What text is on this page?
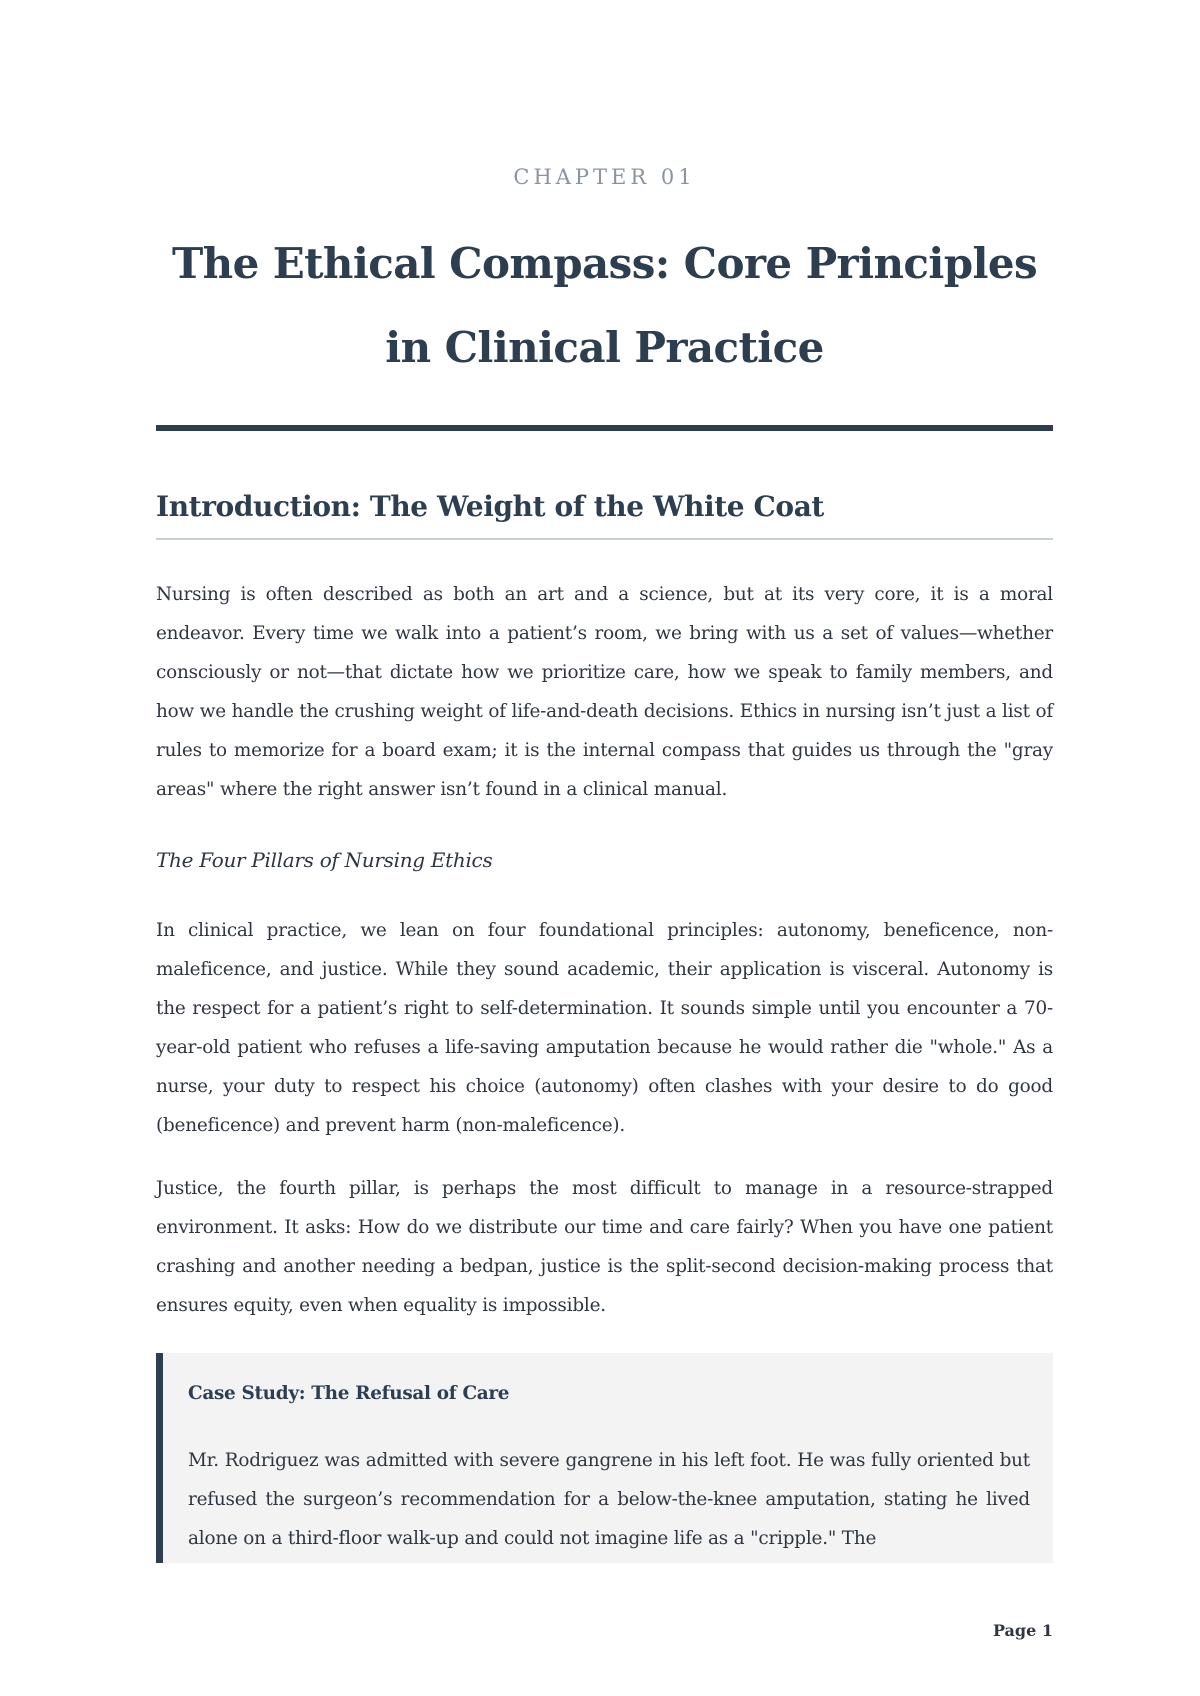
CHAPTER 01
The Ethical Compass: Core Principles in Clinical Practice
Introduction: The Weight of the White Coat

Nursing is often described as both an art and a science, but at its very core, it is a moral endeavor. Every time we walk into a patient’s room, we bring with us a set of values—whether consciously or not—that dictate how we prioritize care, how we speak to family members, and how we handle the crushing weight of life-and-death decisions. Ethics in nursing isn’t just a list of rules to memorize for a board exam; it is the internal compass that guides us through the "gray areas" where the right answer isn’t found in a clinical manual.

The Four Pillars of Nursing Ethics

In clinical practice, we lean on four foundational principles: autonomy, beneficence, non-maleficence, and justice. While they sound academic, their application is visceral. Autonomy is the respect for a patient’s right to self-determination. It sounds simple until you encounter a 70-year-old patient who refuses a life-saving amputation because he would rather die "whole." As a nurse, your duty to respect his choice (autonomy) often clashes with your desire to do good (beneficence) and prevent harm (non-maleficence).

Justice, the fourth pillar, is perhaps the most difficult to manage in a resource-strapped environment. It asks: How do we distribute our time and care fairly? When you have one patient crashing and another needing a bedpan, justice is the split-second decision-making process that ensures equity, even when equality is impossible.

Case Study: The Refusal of Care

Mr. Rodriguez was admitted with severe gangrene in his left foot. He was fully oriented but refused the surgeon’s recommendation for a below-the-knee amputation, stating he lived alone on a third-floor walk-up and could not imagine life as a "cripple." The

Page 1
